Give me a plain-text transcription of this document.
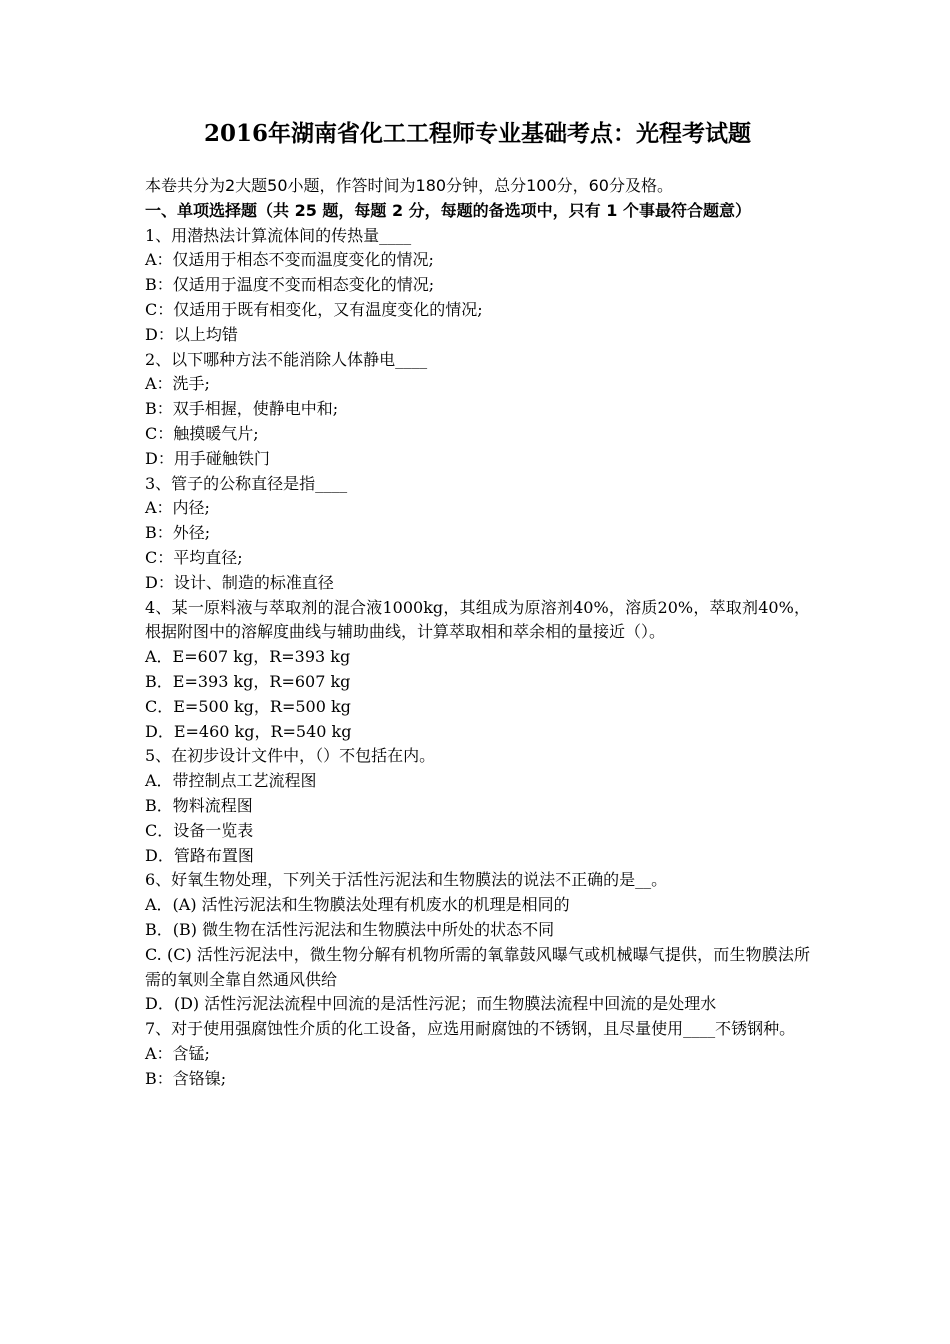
2016年湖南省化工工程师专业基础考点：光程考试题
本卷共分为2大题50小题，作答时间为180分钟，总分100分，60分及格。
一、单项选择题（共 25 题，每题 2 分，每题的备选项中，只有 1 个事最符合题意）
1、用潜热法计算流体间的传热量____
A：仅适用于相态不变而温度变化的情况;
B：仅适用于温度不变而相态变化的情况;
C：仅适用于既有相变化，又有温度变化的情况;
D：以上均错
2、以下哪种方法不能消除人体静电____
A：洗手;
B：双手相握，使静电中和;
C：触摸暖气片;
D：用手碰触铁门
3、管子的公称直径是指____
A：内径;
B：外径;
C：平均直径;
D：设计、制造的标准直径
4、某一原料液与萃取剂的混合液1000kg，其组成为原溶剂40%，溶质20%，萃取剂40%，根据附图中的溶解度曲线与辅助曲线，计算萃取相和萃余相的量接近（）。
A．E=607 kg，R=393 kg
B．E=393 kg，R=607 kg
C．E=500 kg，R=500 kg
D．E=460 kg，R=540 kg
5、在初步设计文件中，（）不包括在内。
A．带控制点工艺流程图
B．物料流程图
C．设备一览表
D．管路布置图
6、好氧生物处理，下列关于活性污泥法和生物膜法的说法不正确的是__。
A．(A) 活性污泥法和生物膜法处理有机废水的机理是相同的
B．(B) 微生物在活性污泥法和生物膜法中所处的状态不同
C. (C) 活性污泥法中，微生物分解有机物所需的氧靠鼓风曝气或机械曝气提供，而生物膜法所需的氧则全靠自然通风供给
D．(D) 活性污泥法流程中回流的是活性污泥；而生物膜法流程中回流的是处理水
7、对于使用强腐蚀性介质的化工设备，应选用耐腐蚀的不锈钢，且尽量使用____不锈钢种。
A：含锰;
B：含铬镍;
